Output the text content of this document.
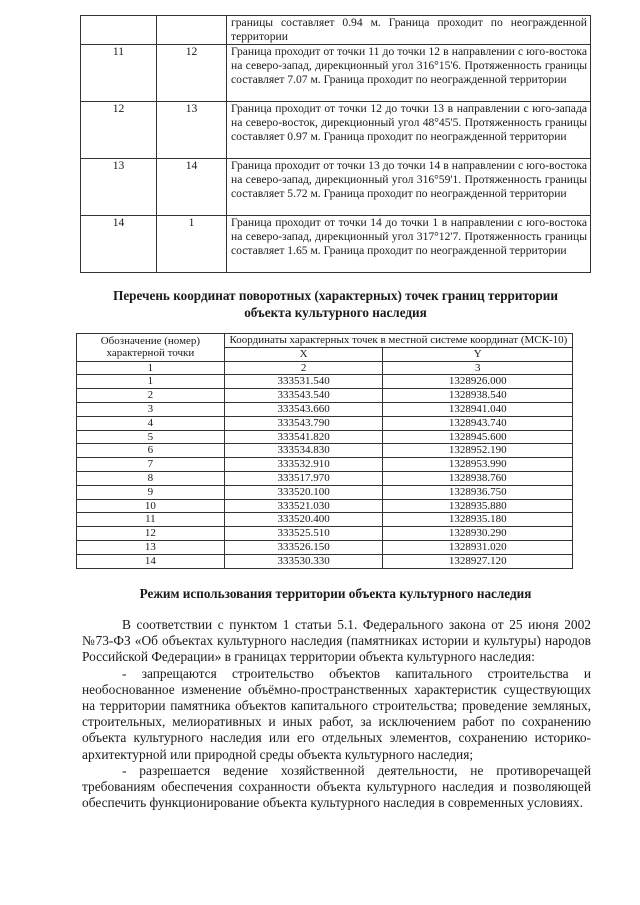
		границы составляет 0.94 м. Граница проходит по неогражденной территории
11	12	Граница проходит от точки 11 до точки 12 в направлении с юго-востока на северо-запад, дирекционный угол 316°15'6. Протяженность границы составляет 7.07 м. Граница проходит по неогражденной территории
12	13	Граница проходит от точки 12 до точки 13 в направлении с юго-запада на северо-восток, дирекционный угол 48°45'5. Протяженность границы составляет 0.97 м. Граница проходит по неогражденной территории
13	14	Граница проходит от точки 13 до точки 14 в направлении с юго-востока на северо-запад, дирекционный угол 316°59'1. Протяженность границы составляет 5.72 м. Граница проходит по неогражденной территории
14	1	Граница проходит от точки 14 до точки 1 в направлении с юго-востока на северо-запад, дирекционный угол 317°12'7. Протяженность границы составляет 1.65 м. Граница проходит по неогражденной территории
Перечень координат поворотных (характерных) точек границ территории
объекта культурного наследия
Обозначение (номер) характерной точки	Координаты характерных точек в местной системе координат (МСК-10)	
	X	Y
1	2	3
1	333531.540	1328926.000
2	333543.540	1328938.540
3	333543.660	1328941.040
4	333543.790	1328943.740
5	333541.820	1328945.600
6	333534.830	1328952.190
7	333532.910	1328953.990
8	333517.970	1328938.760
9	333520.100	1328936.750
10	333521.030	1328935.880
11	333520.400	1328935.180
12	333525.510	1328930.290
13	333526.150	1328931.020
14	333530.330	1328927.120
Режим использования территории объекта культурного наследия

В соответствии с пунктом 1 статьи 5.1. Федерального закона от 25 июня 2002 №73-ФЗ «Об объектах культурного наследия (памятниках истории и культуры) народов Российской Федерации» в границах территории объекта культурного наследия:

- запрещаются строительство объектов капитального строительства и необоснованное изменение объёмно-пространственных характеристик существующих на территории памятника объектов капитального строительства; проведение земляных, строительных, мелиоративных и иных работ, за исключением работ по сохранению объекта культурного наследия или его отдельных элементов, сохранению историко-архитектурной или природной среды объекта культурного наследия;

- разрешается ведение хозяйственной деятельности, не противоречащей требованиям обеспечения сохранности объекта культурного наследия и позволяющей обеспечить функционирование объекта культурного наследия в современных условиях.
